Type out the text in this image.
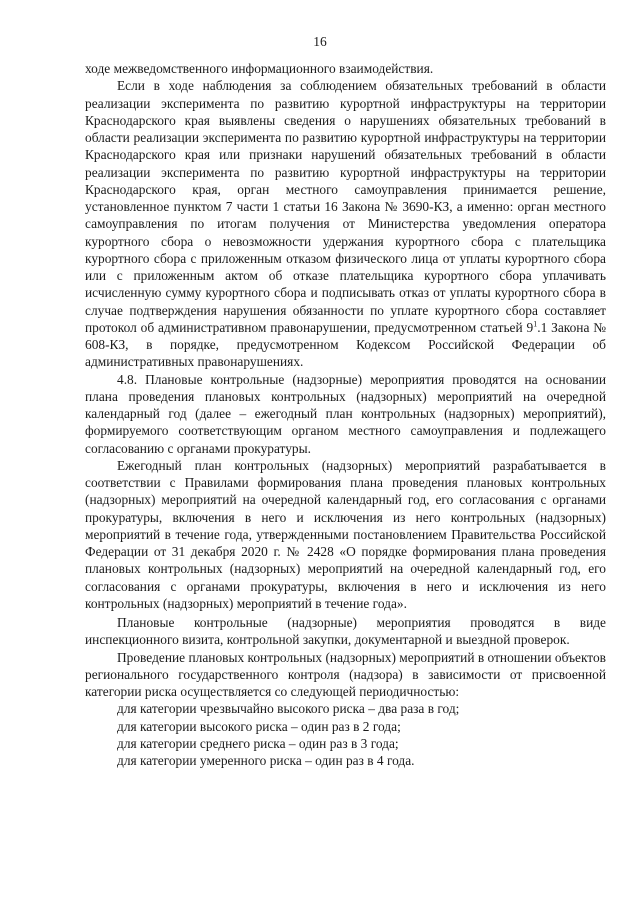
16

ходе межведомственного информационного взаимодействия.

Если в ходе наблюдения за соблюдением обязательных требований в области реализации эксперимента по развитию курортной инфраструктуры на территории Краснодарского края выявлены сведения о нарушениях обязательных требований в области реализации эксперимента по развитию курортной инфраструктуры на территории Краснодарского края или признаки нарушений обязательных требований в области реализации эксперимента по развитию курортной инфраструктуры на территории Краснодарского края, орган местного самоуправления принимается решение, установленное пунктом 7 части 1 статьи 16 Закона № 3690-КЗ, а именно: орган местного самоуправления по итогам получения от Министерства уведомления оператора курортного сбора о невозможности удержания курортного сбора с плательщика курортного сбора с приложенным отказом физического лица от уплаты курортного сбора или с приложенным актом об отказе плательщика курортного сбора уплачивать исчисленную сумму курортного сбора и подписывать отказ от уплаты курортного сбора в случае подтверждения нарушения обязанности по уплате курортного сбора составляет протокол об административном правонарушении, предусмотренном статьей $9^1.1$ Закона № 608-КЗ, в порядке, предусмотренном Кодексом Российской Федерации об административных правонарушениях.

4.8. Плановые контрольные (надзорные) мероприятия проводятся на основании плана проведения плановых контрольных (надзорных) мероприятий на очередной календарный год (далее – ежегодный план контрольных (надзорных) мероприятий), формируемого соответствующим органом местного самоуправления и подлежащего согласованию с органами прокуратуры.

Ежегодный план контрольных (надзорных) мероприятий разрабатывается в соответствии с Правилами формирования плана проведения плановых контрольных (надзорных) мероприятий на очередной календарный год, его согласования с органами прокуратуры, включения в него и исключения из него контрольных (надзорных) мероприятий в течение года, утвержденными постановлением Правительства Российской Федерации от 31 декабря 2020 г. № 2428 «О порядке формирования плана проведения плановых контрольных (надзорных) мероприятий на очередной календарный год, его согласования с органами прокуратуры, включения в него и исключения из него контрольных (надзорных) мероприятий в течение года».

Плановые контрольные (надзорные) мероприятия проводятся в виде инспекционного визита, контрольной закупки, документарной и выездной проверок.

Проведение плановых контрольных (надзорных) мероприятий в отношении объектов регионального государственного контроля (надзора) в зависимости от присвоенной категории риска осуществляется со следующей периодичностью:

для категории чрезвычайно высокого риска – два раза в год;

для категории высокого риска – один раз в 2 года;

для категории среднего риска – один раз в 3 года;

для категории умеренного риска – один раз в 4 года.
